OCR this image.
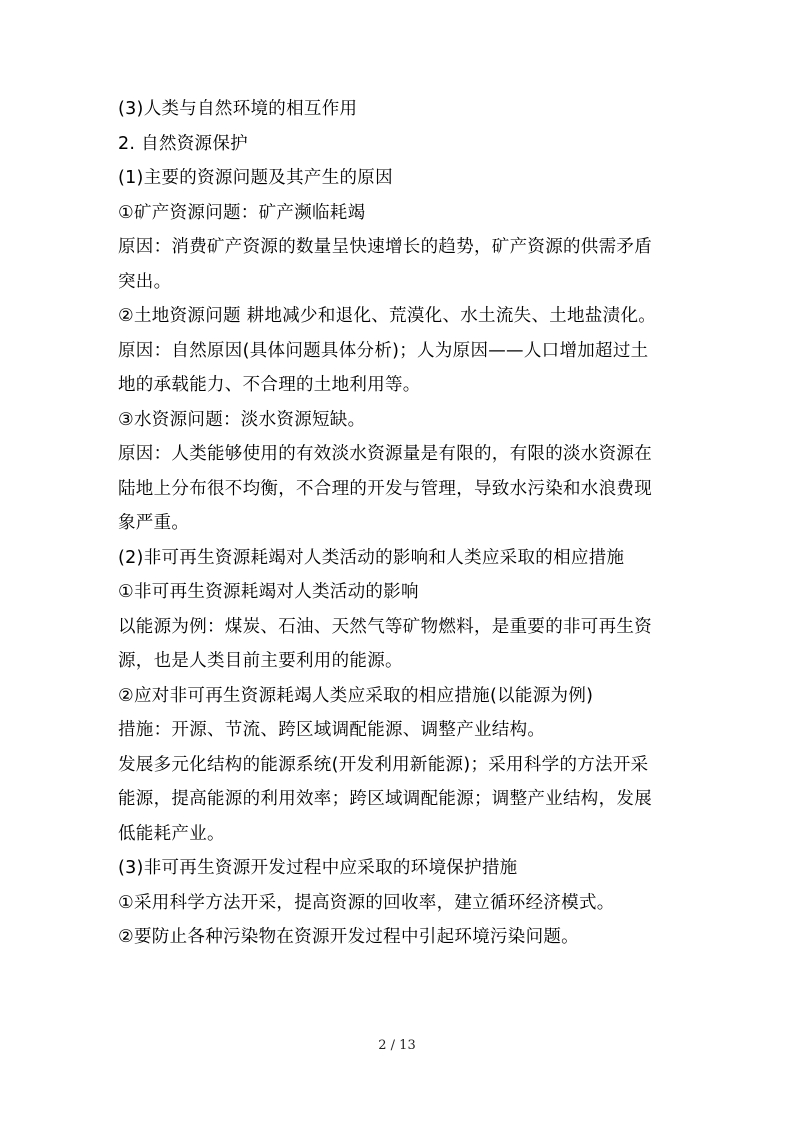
(3)人类与自然环境的相互作用
2. 自然资源保护
(1)主要的资源问题及其产生的原因
①矿产资源问题：矿产濒临耗竭
原因：消费矿产资源的数量呈快速增长的趋势，矿产资源的供需矛盾
突出。
②土地资源问题 耕地减少和退化、荒漠化、水土流失、土地盐渍化。
原因：自然原因(具体问题具体分析)；人为原因——人口增加超过土
地的承载能力、不合理的土地利用等。
③水资源问题：淡水资源短缺。
原因：人类能够使用的有效淡水资源量是有限的，有限的淡水资源在
陆地上分布很不均衡，不合理的开发与管理，导致水污染和水浪费现
象严重。
(2)非可再生资源耗竭对人类活动的影响和人类应采取的相应措施
①非可再生资源耗竭对人类活动的影响
以能源为例：煤炭、石油、天然气等矿物燃料，是重要的非可再生资
源，也是人类目前主要利用的能源。
②应对非可再生资源耗竭人类应采取的相应措施(以能源为例)
措施：开源、节流、跨区域调配能源、调整产业结构。
发展多元化结构的能源系统(开发利用新能源)；采用科学的方法开采
能源，提高能源的利用效率；跨区域调配能源；调整产业结构，发展
低能耗产业。
(3)非可再生资源开发过程中应采取的环境保护措施
①采用科学方法开采，提高资源的回收率，建立循环经济模式。
②要防止各种污染物在资源开发过程中引起环境污染问题。
2 / 13
